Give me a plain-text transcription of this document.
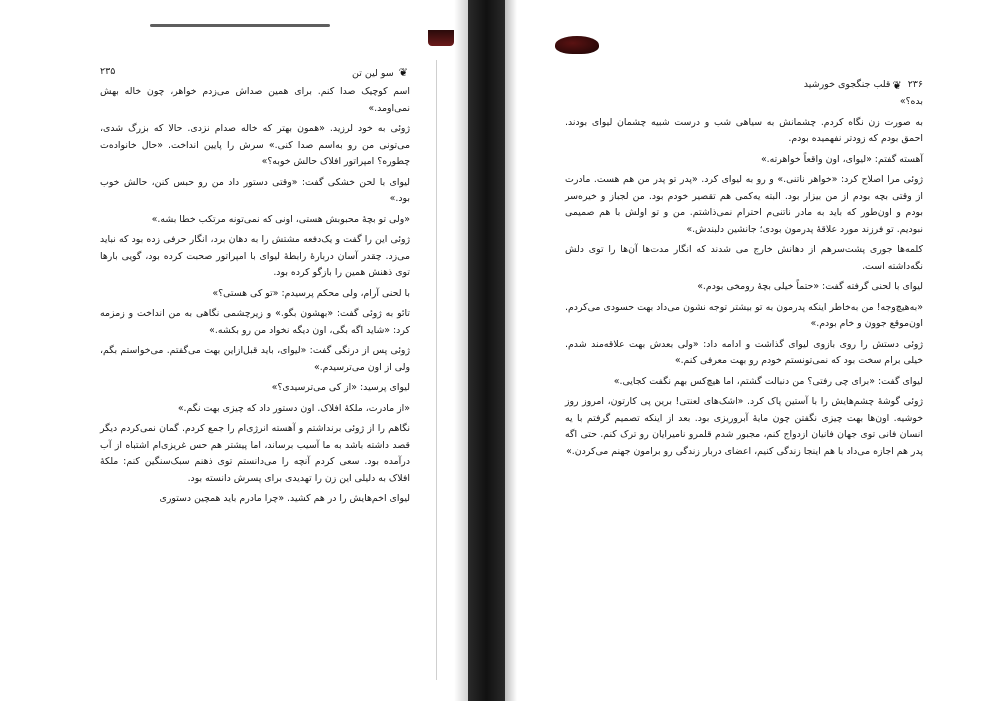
❦ سو لین تن
۲۳۵

اسم کوچیک صدا کنم. برای همین صداش می‌زدم خواهر، چون خاله بهش نمی‌اومد.»

ژوئی به خود لرزید. «همون بهتر که خاله صدام نزدی. حالا که بزرگ شدی، می‌تونی من رو به‌اسم صدا کنی.» سرش را پایین انداخت. «حال خانواده‌ت چطوره؟ امپراتور افلاک حالش خوبه؟»

لیوای با لحن خشکی گفت: «وقتی دستور داد من رو حبس کنن، حالش خوب بود.»

«ولی تو بچهٔ محبوبش هستی، اونی که نمی‌تونه مرتکب خطا بشه.»

ژوئی این را گفت و یک‌دفعه مشتش را به دهان برد، انگار حرفی زده بود که نباید می‌زد. چقدر آسان دربارهٔ رابطهٔ لیوای با امپراتور صحبت کرده بود، گویی بارها توی ذهنش همین را بازگو کرده بود.

با لحنی آرام، ولی محکم پرسیدم: «تو کی هستی؟»

تائو به ژوئی گفت: «بهشون بگو.» و زیرچشمی نگاهی به من انداخت و زمزمه کرد: «شاید اگه بگی، اون دیگه نخواد من رو بکشه.»

ژوئی پس از درنگی گفت: «لیوای، باید قبل‌ازاین بهت می‌گفتم. می‌خواستم بگم، ولی از اون می‌ترسیدم.»

لیوای پرسید: «از کی می‌ترسیدی؟»

«از مادرت، ملکهٔ افلاک. اون دستور داد که چیزی بهت نگم.»

نگاهم را از ژوئی برنداشتم و آهسته انرژی‌ام را جمع کردم. گمان نمی‌کردم دیگر قصد داشته باشد به ما آسیب برساند، اما پیشتر هم حس غریزی‌ام اشتباه از آب درآمده بود. سعی کردم آنچه را می‌دانستم توی ذهنم سبک‌سنگین کنم: ملکهٔ افلاک به دلیلی این زن را تهدیدی برای پسرش دانسته بود.

لیوای اخم‌هایش را در هم کشید. «چرا مادرم باید همچین دستوری

۲۳۶
❦
قلب جنگجوی خورشید

بده؟»

به صورت زن نگاه کردم. چشمانش به سیاهی شب و درست شبیه چشمان لیوای بودند. احمق بودم که زودتر نفهمیده بودم.

آهسته گفتم: «لیوای، اون واقعاً خواهرته.»

ژوئی مرا اصلاح کرد: «خواهر ناتنی.» و رو به لیوای کرد. «پدر تو پدر من هم هست. مادرت از وقتی بچه بودم از من بیزار بود. البته یه‌کمی هم تقصیر خودم بود. من لجباز و خیره‌سر بودم و اون‌طور که باید به مادر ناتنی‌م احترام نمی‌ذاشتم. من و تو اولش با هم صمیمی نبودیم. تو فرزند مورد علاقهٔ پدرمون بودی؛ جانشین دلبندش.»

کلمه‌ها جوری پشت‌سرهم از دهانش خارج می شدند که انگار مدت‌ها آن‌ها را توی دلش نگه‌داشته است.

لیوای با لحنی گرفته گفت: «حتماً خیلی بچهٔ رومخی بودم.»

«به‌هیچ‌وجه! من به‌خاطر اینکه پدرمون به تو بیشتر توجه نشون می‌داد بهت حسودی می‌کردم. اون‌موقع جوون و خام بودم.»

ژوئی دستش را روی بازوی لیوای گذاشت و ادامه داد: «ولی بعدش بهت علاقه‌مند شدم. خیلی برام سخت بود که نمی‌تونستم خودم رو بهت معرفی کنم.»

لیوای گفت: «برای چی رفتی؟ من دنبالت گشتم، اما هیچ‌کس بهم نگفت کجایی.»

ژوئی گوشهٔ چشم‌هایش را با آستین پاک کرد. «اشک‌های لعنتی! برین پی کارتون، امروز روز خوشیه. اون‌ها بهت چیزی نگفتن چون مایهٔ آبروریزی بود. بعد از اینکه تصمیم گرفتم با یه انسان فانی توی جهان فانیان ازدواج کنم، مجبور شدم قلمرو نامیرایان رو ترک کنم. حتی اگه پدر هم اجازه می‌داد با هم اینجا زندگی کنیم، اعضای دربار زندگی رو برامون جهنم می‌کردن.»
